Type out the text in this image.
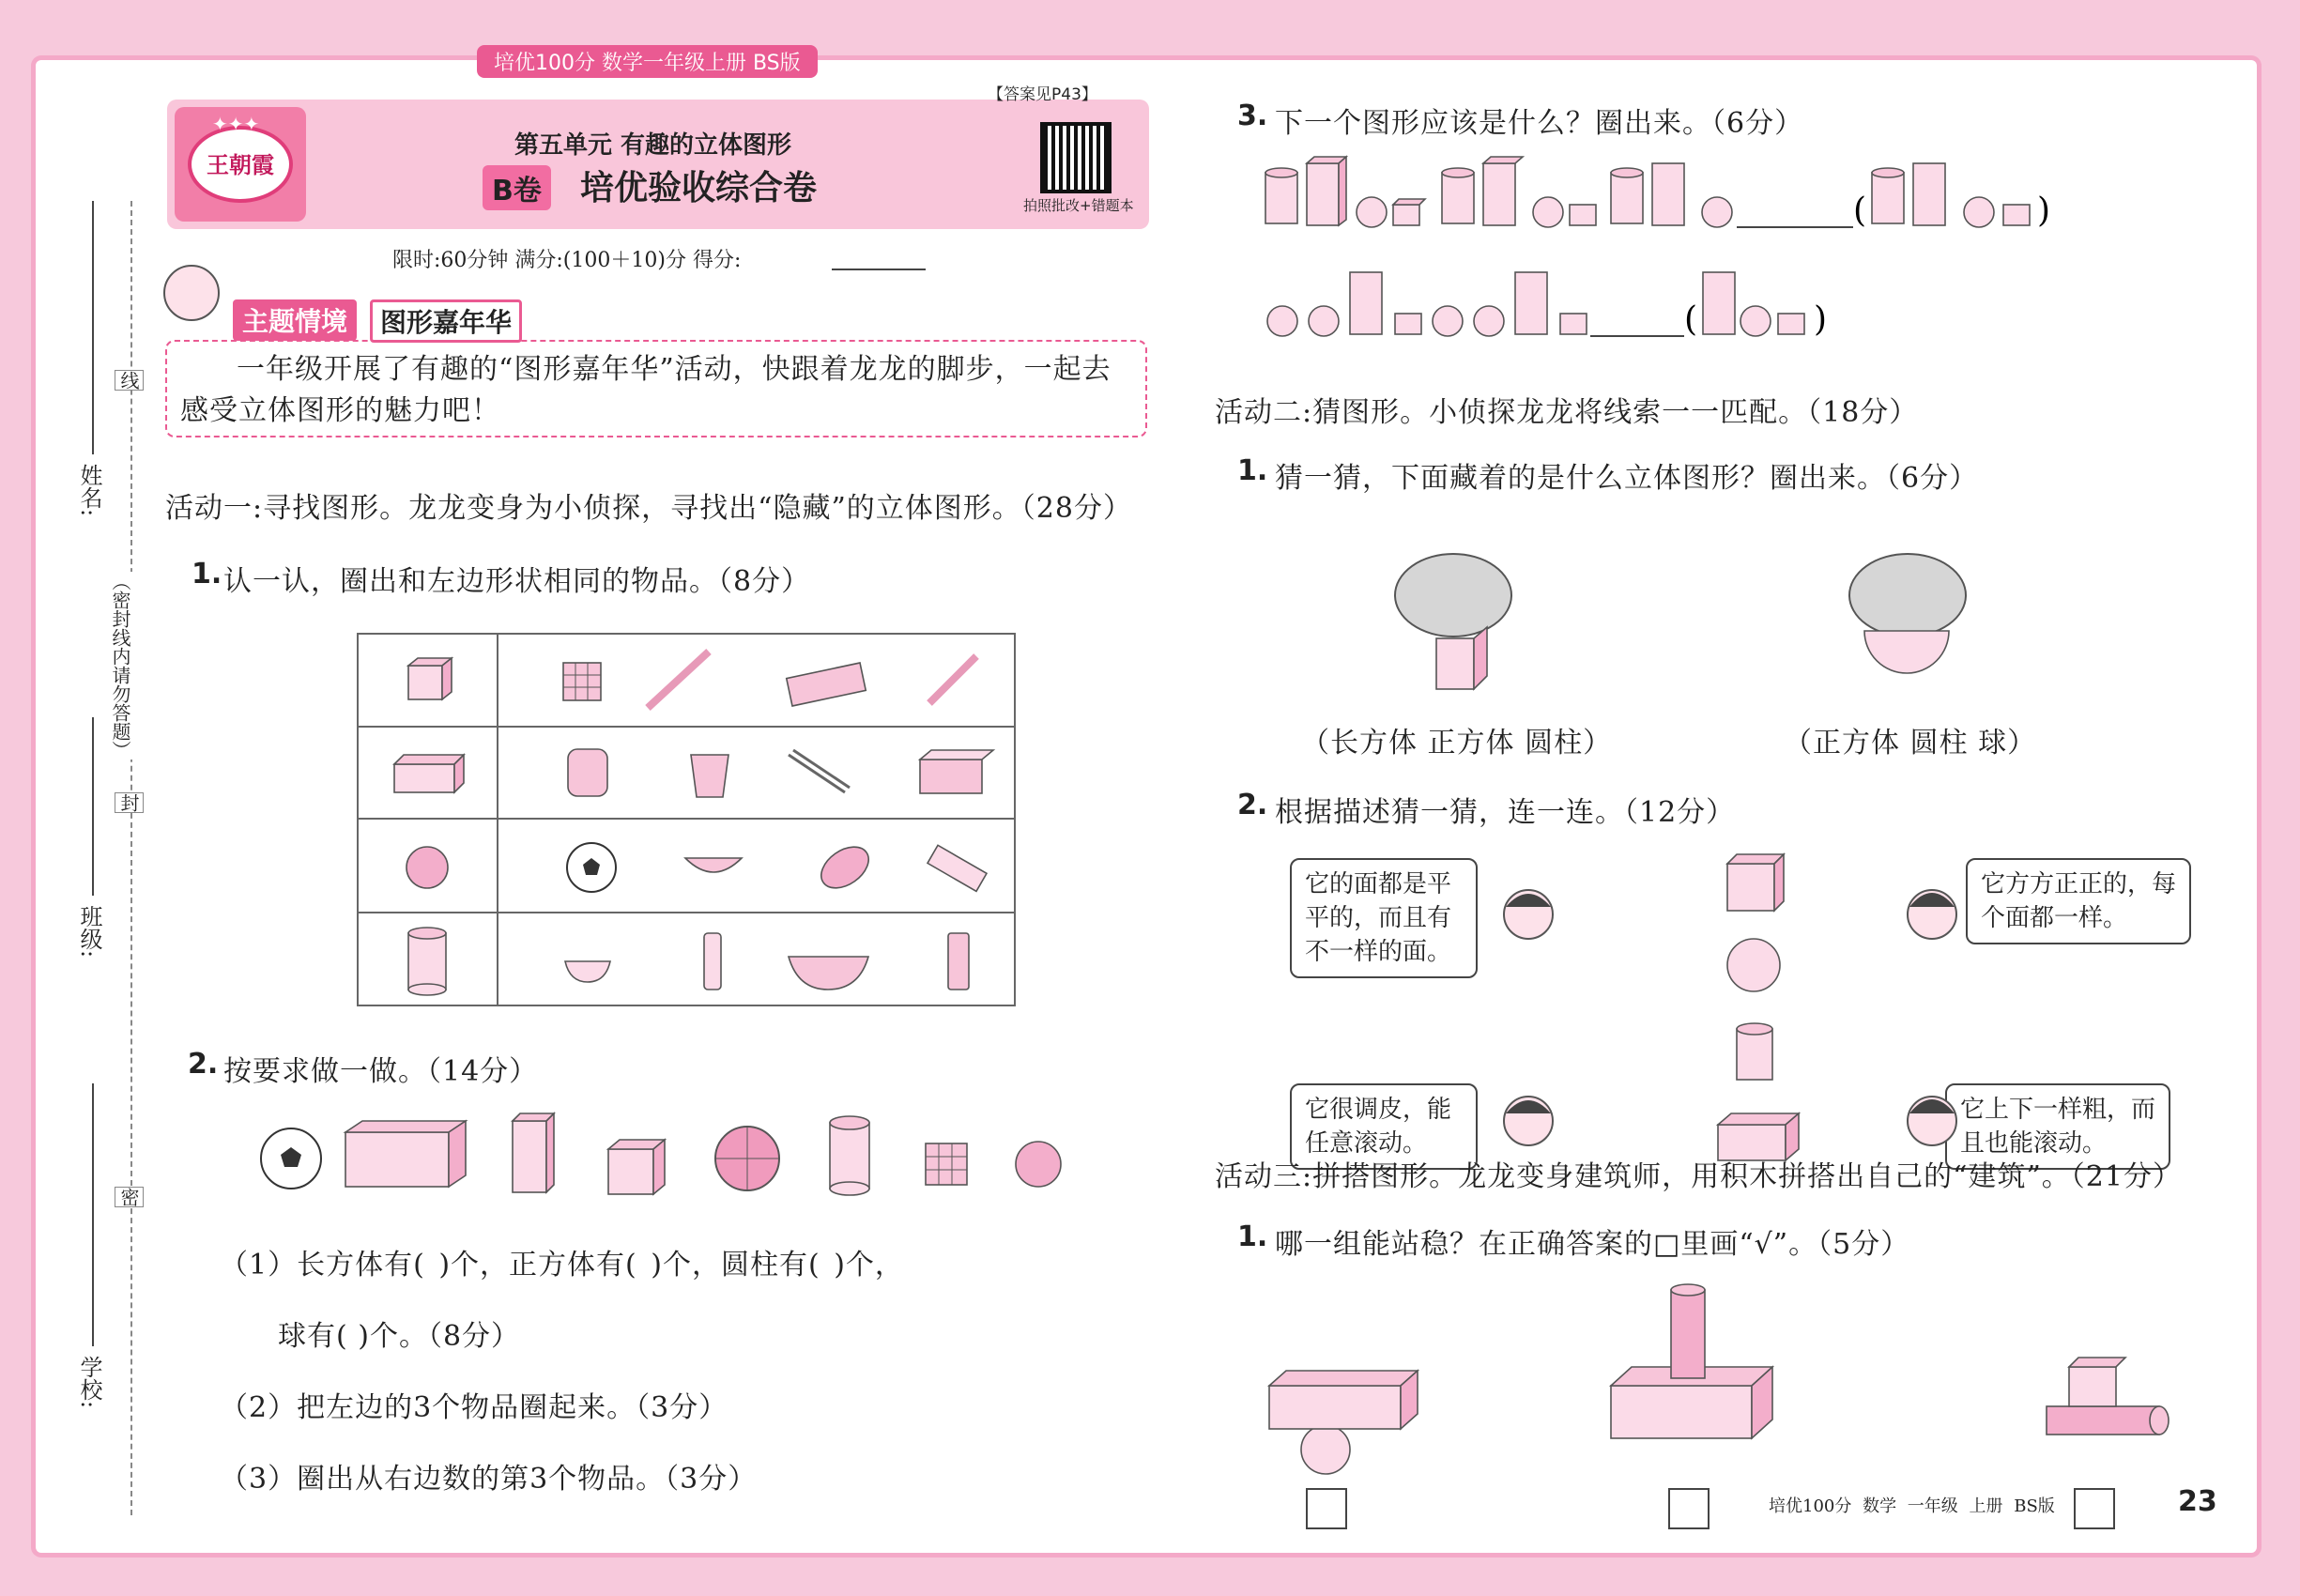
培优100分 数学一年级上册 BS版
姓名:
班级:
学校:
线
封
密
（密封线内请勿答题）
王朝霞
✦✦✦
【答案见P43】
第五单元 有趣的立体图形
B卷 培优验收综合卷	拍照批改+错题本
限时:60分钟 满分:(100＋10)分 得分:
主题情境	图形嘉年华
一年级开展了有趣的“图形嘉年华”活动，快跟着龙龙的脚步，一起去感受立体图形的魅力吧！
活动一:寻找图形。龙龙变身为小侦探，寻找出“隐藏”的立体图形。（28分）
1. 认一认，圈出和左边形状相同的物品。（8分）
2. 按要求做一做。（14分）
（1）长方体有( )个，正方体有( )个，圆柱有( )个，
球有( )个。（8分）
（2）把左边的3个物品圈起来。（3分）
（3）圈出从右边数的第3个物品。（3分）
3. 下一个图形应该是什么？圈出来。（6分）
(	)
(	)
活动二:猜图形。小侦探龙龙将线索一一匹配。（18分）
1. 猜一猜，下面藏着的是什么立体图形？圈出来。（6分）
（长方体 正方体 圆柱）	（正方体 圆柱 球）
2. 根据描述猜一猜，连一连。（12分）
它的面都是平平的，而且有不一样的面。
它方方正正的，每个面都一样。
它很调皮，能任意滚动。
它上下一样粗，而且也能滚动。
活动三:拼搭图形。龙龙变身建筑师，用积木拼搭出自己的“建筑”。（21分）
1. 哪一组能站稳？在正确答案的□里画“√”。（5分）
培优100分 数学 一年级 上册 BS版	23
